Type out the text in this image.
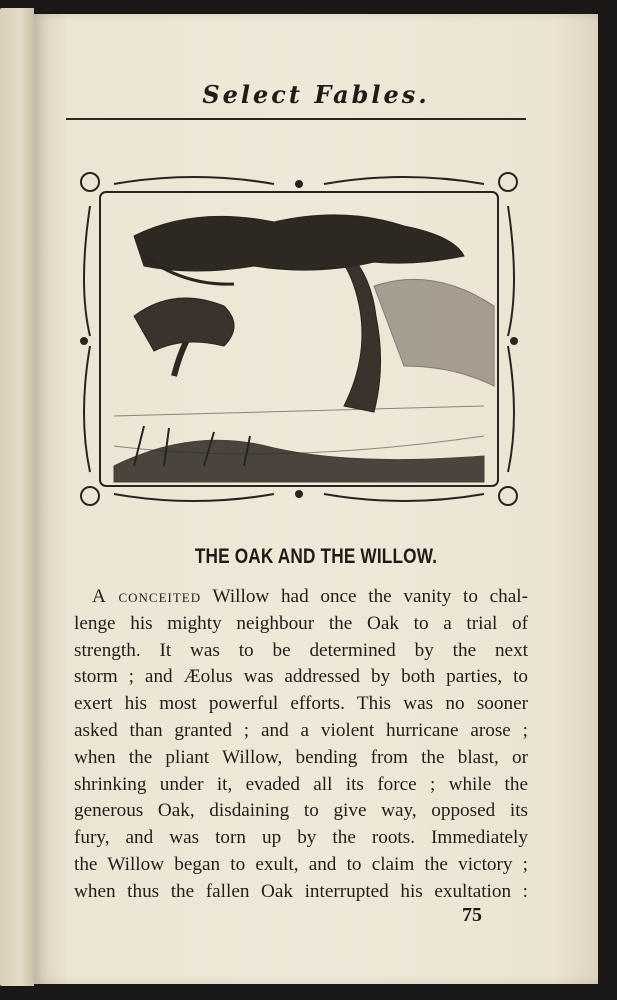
Select Fables.
THE OAK AND THE WILLOW.
A conceited Willow had once the vanity to chal-
lenge his mighty neighbour the Oak to a trial of
strength. It was to be determined by the next
storm ; and Æolus was addressed by both parties, to
exert his most powerful efforts. This was no sooner
asked than granted ; and a violent hurricane arose ;
when the pliant Willow, bending from the blast, or
shrinking under it, evaded all its force ; while the
generous Oak, disdaining to give way, opposed its
fury, and was torn up by the roots. Immediately
the Willow began to exult, and to claim the victory ;
when thus the fallen Oak interrupted his exultation :
75
